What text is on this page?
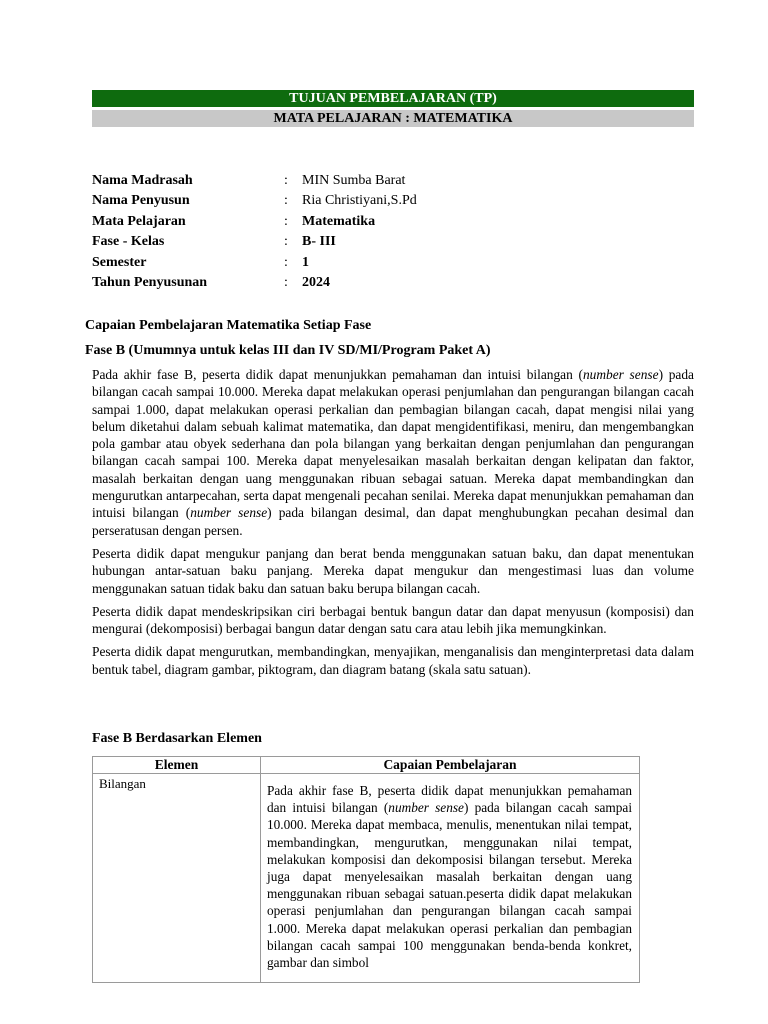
TUJUAN PEMBELAJARAN (TP)
MATA PELAJARAN : MATEMATIKA
Nama Madrasah	:	MIN Sumba Barat
Nama Penyusun	:	Ria Christiyani,S.Pd
Mata Pelajaran	:	Matematika
Fase - Kelas	:	B- III
Semester	:	1
Tahun Penyusunan	:	2024
Capaian Pembelajaran Matematika Setiap Fase
Fase B (Umumnya untuk kelas III dan IV SD/MI/Program Paket A)

Pada akhir fase B, peserta didik dapat menunjukkan pemahaman dan intuisi bilangan (number sense) pada bilangan cacah sampai 10.000. Mereka dapat melakukan operasi penjumlahan dan pengurangan bilangan cacah sampai 1.000, dapat melakukan operasi perkalian dan pembagian bilangan cacah, dapat mengisi nilai yang belum diketahui dalam sebuah kalimat matematika, dan dapat mengidentifikasi, meniru, dan mengembangkan pola gambar atau obyek sederhana dan pola bilangan yang berkaitan dengan penjumlahan dan pengurangan bilangan cacah sampai 100. Mereka dapat menyelesaikan masalah berkaitan dengan kelipatan dan faktor, masalah berkaitan dengan uang menggunakan ribuan sebagai satuan. Mereka dapat membandingkan dan mengurutkan antarpecahan, serta dapat mengenali pecahan senilai. Mereka dapat menunjukkan pemahaman dan intuisi bilangan (number sense) pada bilangan desimal, dan dapat menghubungkan pecahan desimal dan perseratusan dengan persen.

Peserta didik dapat mengukur panjang dan berat benda menggunakan satuan baku, dan dapat menentukan hubungan antar-satuan baku panjang. Mereka dapat mengukur dan mengestimasi luas dan volume menggunakan satuan tidak baku dan satuan baku berupa bilangan cacah.

Peserta didik dapat mendeskripsikan ciri berbagai bentuk bangun datar dan dapat menyusun (komposisi) dan mengurai (dekomposisi) berbagai bangun datar dengan satu cara atau lebih jika memungkinkan.

Peserta didik dapat mengurutkan, membandingkan, menyajikan, menganalisis dan menginterpretasi data dalam bentuk tabel, diagram gambar, piktogram, dan diagram batang (skala satu satuan).

Fase B Berdasarkan Elemen
Elemen	Capaian Pembelajaran
Bilangan	Pada akhir fase B, peserta didik dapat menunjukkan pemahaman dan intuisi bilangan (number sense) pada bilangan cacah sampai 10.000. Mereka dapat membaca, menulis, menentukan nilai tempat, membandingkan, mengurutkan, menggunakan nilai tempat, melakukan komposisi dan dekomposisi bilangan tersebut. Mereka juga dapat menyelesaikan masalah berkaitan dengan uang menggunakan ribuan sebagai satuan.peserta didik dapat melakukan operasi penjumlahan dan pengurangan bilangan cacah sampai 1.000. Mereka dapat melakukan operasi perkalian dan pembagian bilangan cacah sampai 100 menggunakan benda-benda konkret, gambar dan simbol
